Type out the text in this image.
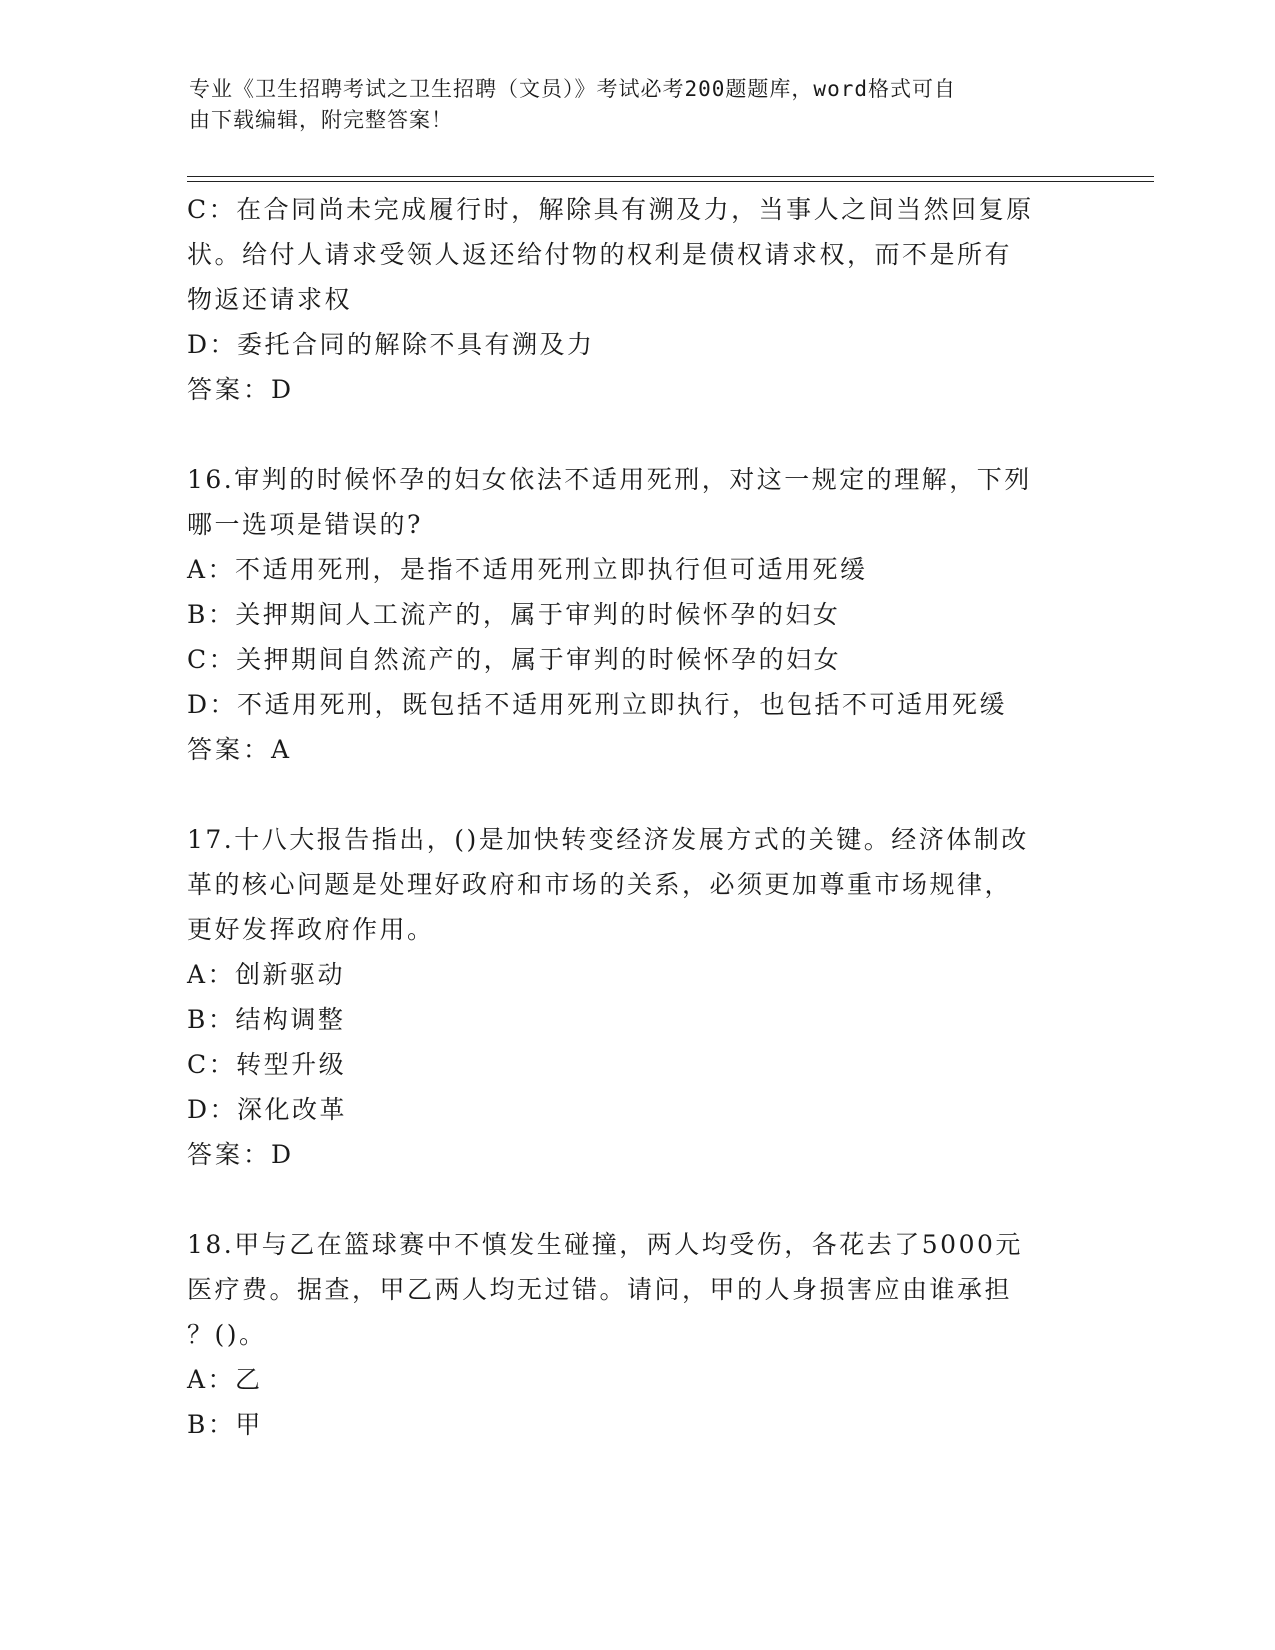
专业《卫生招聘考试之卫生招聘（文员）》考试必考200题题库，word格式可自
由下载编辑，附完整答案！
C：在合同尚未完成履行时，解除具有溯及力，当事人之间当然回复原
状。给付人请求受领人返还给付物的权利是债权请求权，而不是所有
物返还请求权
D：委托合同的解除不具有溯及力
答案：D
16.审判的时候怀孕的妇女依法不适用死刑，对这一规定的理解，下列
哪一选项是错误的?
A：不适用死刑，是指不适用死刑立即执行但可适用死缓
B：关押期间人工流产的，属于审判的时候怀孕的妇女
C：关押期间自然流产的，属于审判的时候怀孕的妇女
D：不适用死刑，既包括不适用死刑立即执行，也包括不可适用死缓
答案：A
17.十八大报告指出，()是加快转变经济发展方式的关键。经济体制改
革的核心问题是处理好政府和市场的关系，必须更加尊重市场规律，
更好发挥政府作用。
A：创新驱动
B：结构调整
C：转型升级
D：深化改革
答案：D
18.甲与乙在篮球赛中不慎发生碰撞，两人均受伤，各花去了5000元
医疗费。据查，甲乙两人均无过错。请问，甲的人身损害应由谁承担
？()。
A：乙
B：甲
